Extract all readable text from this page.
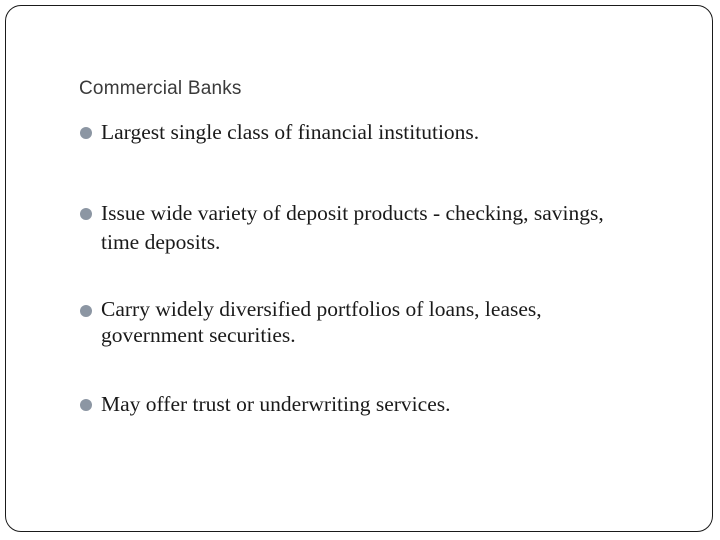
Commercial Banks
Largest single class of financial institutions.
Issue wide variety of deposit products - checking, savings, time deposits.
Carry widely diversified portfolios of loans, leases, government securities.
May offer trust or underwriting services.
